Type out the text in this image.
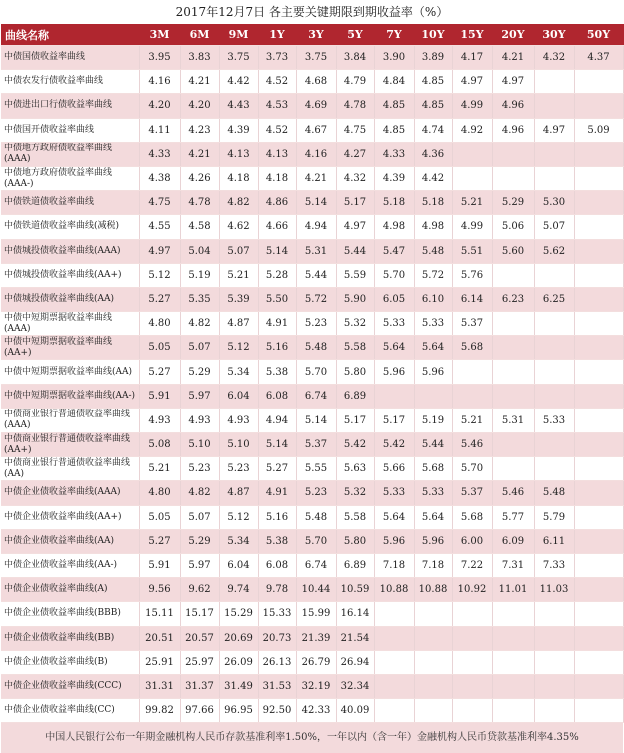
2017年12月7日 各主要关键期限到期收益率（%）
曲线名称	3M	6M	9M	1Y	3Y	5Y	7Y	10Y	15Y	20Y	30Y	50Y
中债国债收益率曲线	3.95	3.83	3.75	3.73	3.75	3.84	3.90	3.89	4.17	4.21	4.32	4.37
中债农发行债收益率曲线	4.16	4.21	4.42	4.52	4.68	4.79	4.84	4.85	4.97	4.97		
中债进出口行债收益率曲线	4.20	4.20	4.43	4.53	4.69	4.78	4.85	4.85	4.99	4.96		
中债国开债收益率曲线	4.11	4.23	4.39	4.52	4.67	4.75	4.85	4.74	4.92	4.96	4.97	5.09
中债地方政府债收益率曲线(AAA)	4.33	4.21	4.13	4.13	4.16	4.27	4.33	4.36				
中债地方政府债收益率曲线(AAA-)	4.38	4.26	4.18	4.18	4.21	4.32	4.39	4.42				
中债铁道债收益率曲线	4.75	4.78	4.82	4.86	5.14	5.17	5.18	5.18	5.21	5.29	5.30	
中债铁道债收益率曲线(减税)	4.55	4.58	4.62	4.66	4.94	4.97	4.98	4.98	4.99	5.06	5.07	
中债城投债收益率曲线(AAA)	4.97	5.04	5.07	5.14	5.31	5.44	5.47	5.48	5.51	5.60	5.62	
中债城投债收益率曲线(AA+)	5.12	5.19	5.21	5.28	5.44	5.59	5.70	5.72	5.76			
中债城投债收益率曲线(AA)	5.27	5.35	5.39	5.50	5.72	5.90	6.05	6.10	6.14	6.23	6.25	
中债中短期票据收益率曲线(AAA)	4.80	4.82	4.87	4.91	5.23	5.32	5.33	5.33	5.37			
中债中短期票据收益率曲线(AA+)	5.05	5.07	5.12	5.16	5.48	5.58	5.64	5.64	5.68			
中债中短期票据收益率曲线(AA)	5.27	5.29	5.34	5.38	5.70	5.80	5.96	5.96				
中债中短期票据收益率曲线(AA-)	5.91	5.97	6.04	6.08	6.74	6.89						
中债商业银行普通债收益率曲线(AAA)	4.93	4.93	4.93	4.94	5.14	5.17	5.17	5.19	5.21	5.31	5.33	
中债商业银行普通债收益率曲线(AA+)	5.08	5.10	5.10	5.14	5.37	5.42	5.42	5.44	5.46			
中债商业银行普通债收益率曲线(AA)	5.21	5.23	5.23	5.27	5.55	5.63	5.66	5.68	5.70			
中债企业债收益率曲线(AAA)	4.80	4.82	4.87	4.91	5.23	5.32	5.33	5.33	5.37	5.46	5.48	
中债企业债收益率曲线(AA+)	5.05	5.07	5.12	5.16	5.48	5.58	5.64	5.64	5.68	5.77	5.79	
中债企业债收益率曲线(AA)	5.27	5.29	5.34	5.38	5.70	5.80	5.96	5.96	6.00	6.09	6.11	
中债企业债收益率曲线(AA-)	5.91	5.97	6.04	6.08	6.74	6.89	7.18	7.18	7.22	7.31	7.33	
中债企业债收益率曲线(A)	9.56	9.62	9.74	9.78	10.44	10.59	10.88	10.88	10.92	11.01	11.03	
中债企业债收益率曲线(BBB)	15.11	15.17	15.29	15.33	15.99	16.14						
中债企业债收益率曲线(BB)	20.51	20.57	20.69	20.73	21.39	21.54						
中债企业债收益率曲线(B)	25.91	25.97	26.09	26.13	26.79	26.94						
中债企业债收益率曲线(CCC)	31.31	31.37	31.49	31.53	32.19	32.34						
中债企业债收益率曲线(CC)	99.82	97.66	96.95	92.50	42.33	40.09						
中国人民银行公布一年期金融机构人民币存款基准利率1.50%，一年以内（含一年）金融机构人民币贷款基准利率4.35%
